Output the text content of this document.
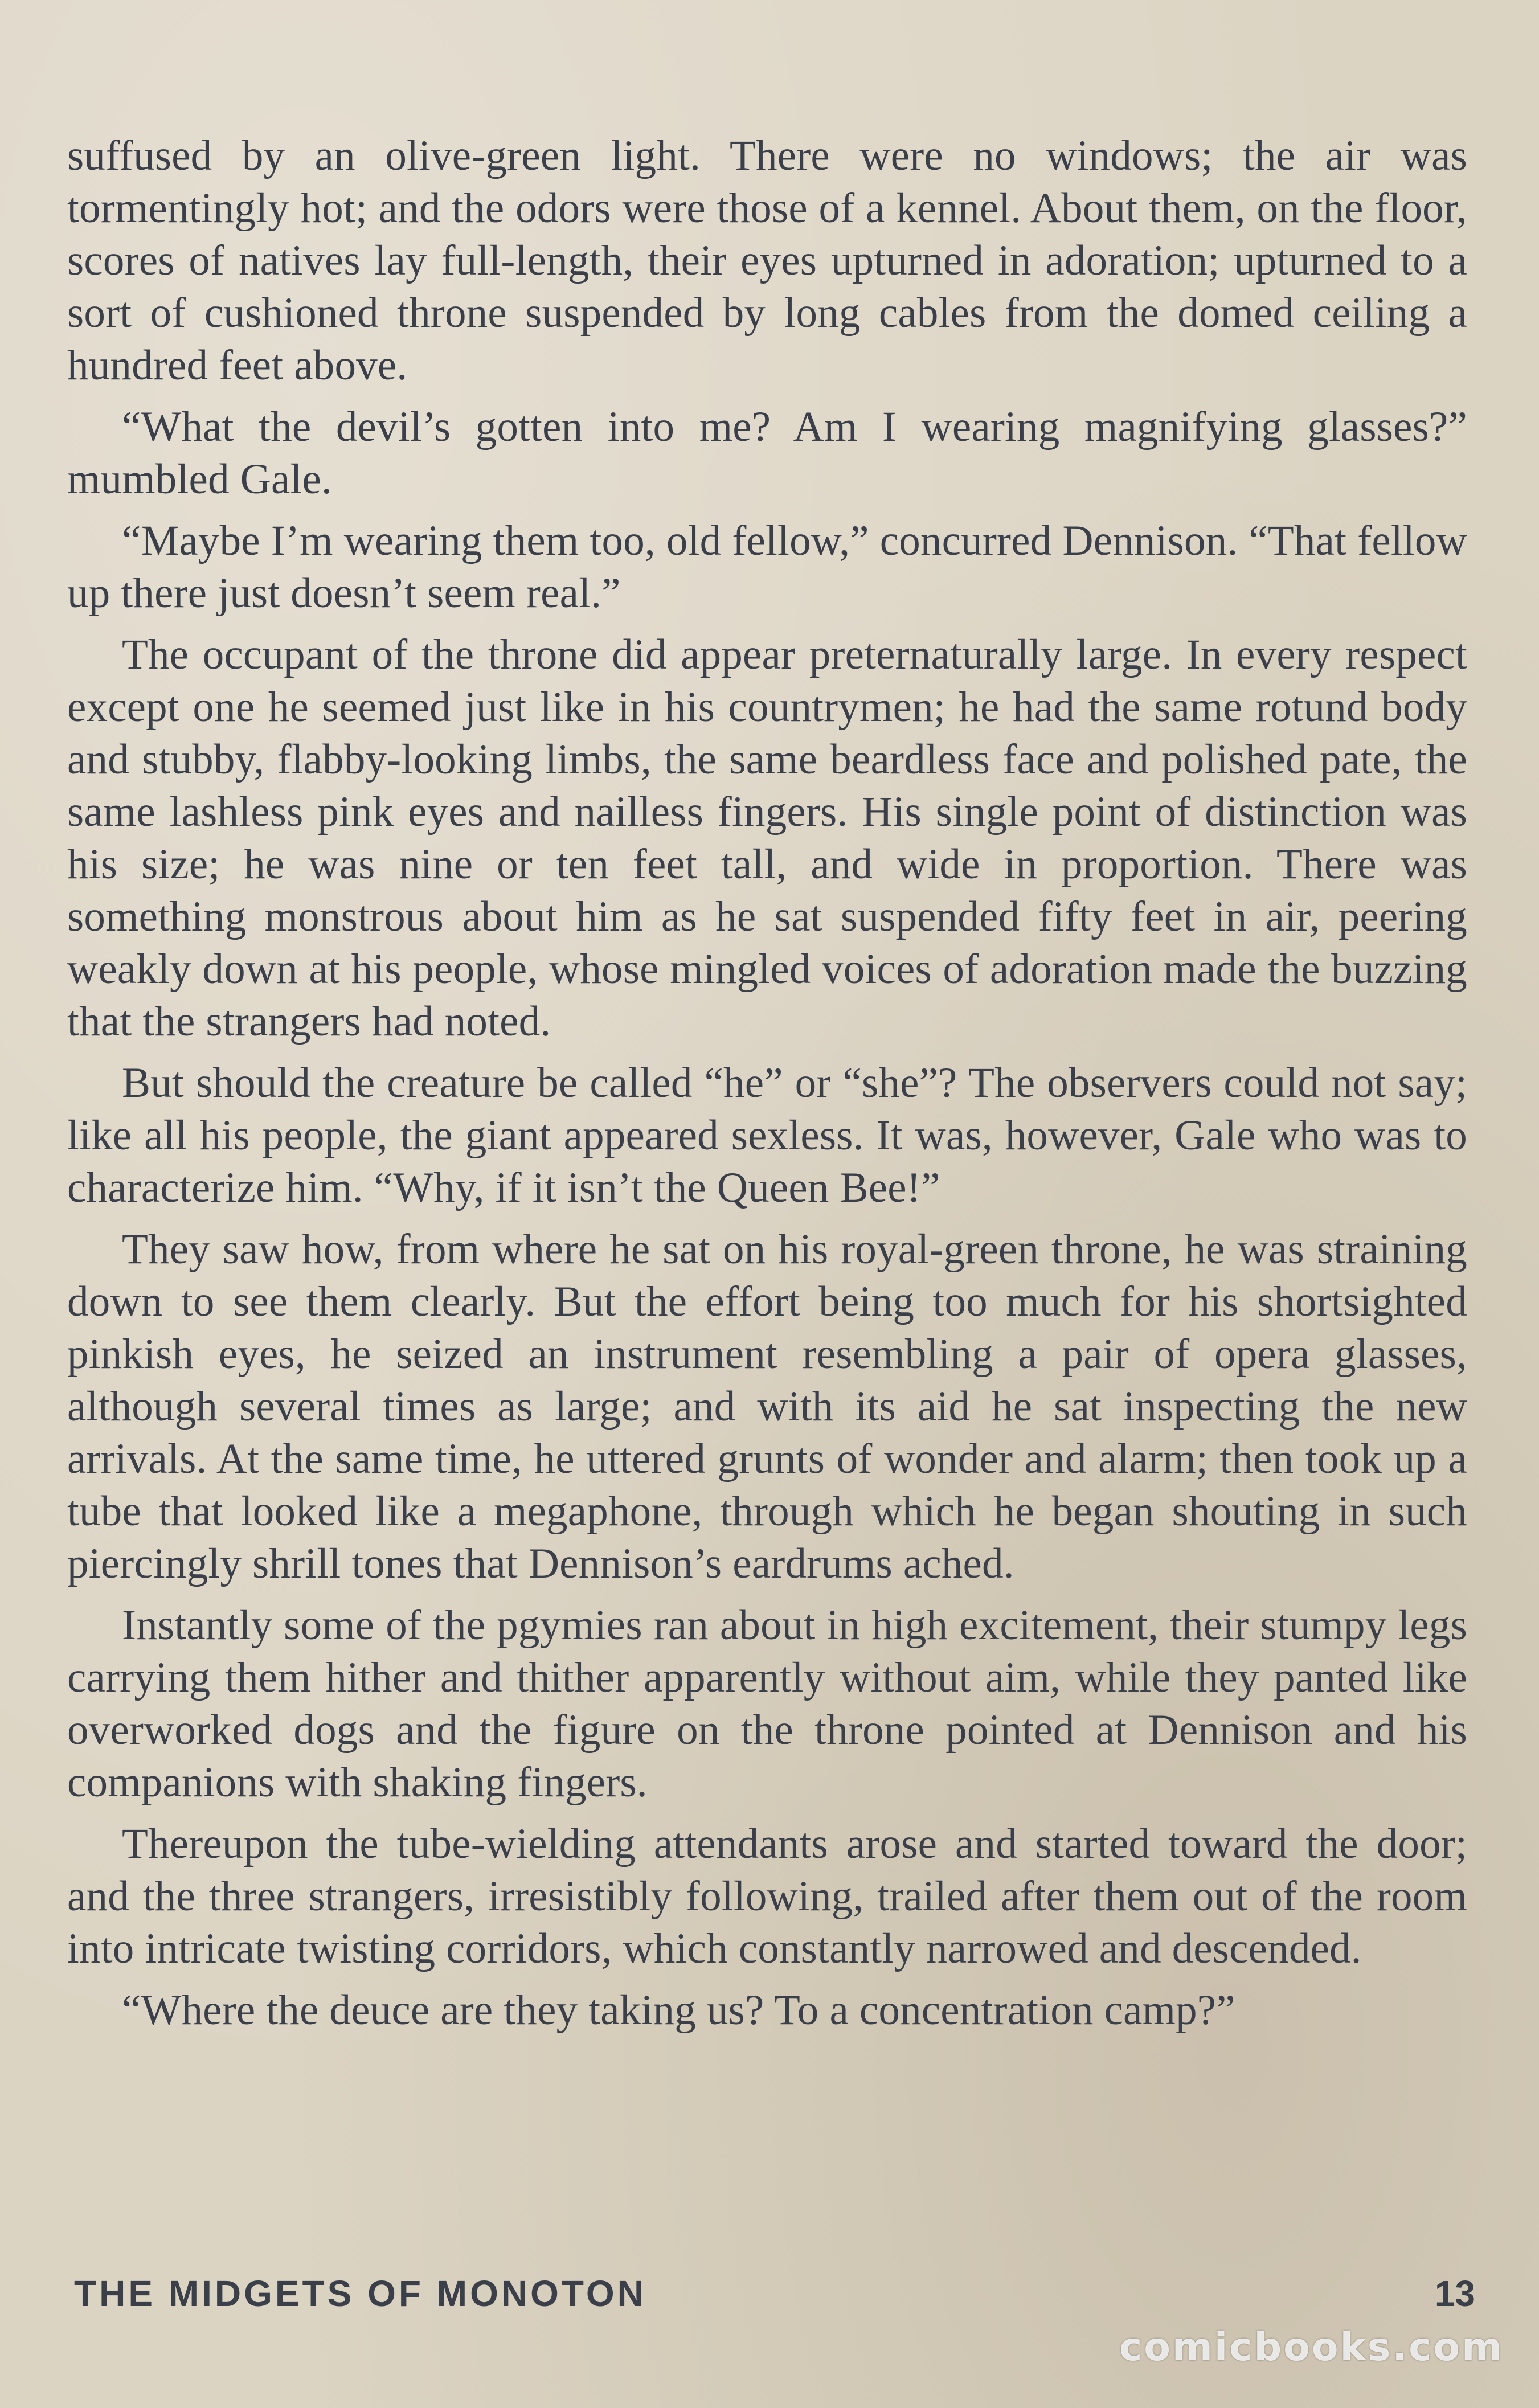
suffused by an olive-green light. There were no windows; the air was tormentingly hot; and the odors were those of a kennel. About them, on the floor, scores of natives lay full-length, their eyes upturned in adoration; upturned to a sort of cushioned throne suspended by long cables from the domed ceiling a hundred feet above.

“What the devil’s gotten into me? Am I wearing magnifying glasses?” mumbled Gale.

“Maybe I’m wearing them too, old fellow,” concurred Dennison. “That fellow up there just doesn’t seem real.”

The occupant of the throne did appear preternaturally large. In every respect except one he seemed just like in his countrymen; he had the same rotund body and stubby, flabby-looking limbs, the same beardless face and polished pate, the same lashless pink eyes and nailless fingers. His single point of distinction was his size; he was nine or ten feet tall, and wide in proportion. There was something monstrous about him as he sat suspended fifty feet in air, peering weakly down at his people, whose mingled voices of adoration made the buzzing that the strangers had noted.

But should the creature be called “he” or “she”? The observers could not say; like all his people, the giant appeared sexless. It was, however, Gale who was to characterize him. “Why, if it isn’t the Queen Bee!”

They saw how, from where he sat on his royal-green throne, he was straining down to see them clearly. But the effort being too much for his shortsighted pinkish eyes, he seized an instrument resembling a pair of opera glasses, although several times as large; and with its aid he sat inspecting the new arrivals. At the same time, he uttered grunts of wonder and alarm; then took up a tube that looked like a megaphone, through which he began shouting in such piercingly shrill tones that Dennison’s eardrums ached.

Instantly some of the pgymies ran about in high excitement, their stumpy legs carrying them hither and thither apparently without aim, while they panted like overworked dogs and the figure on the throne pointed at Dennison and his companions with shaking fingers.

Thereupon the tube-wielding attendants arose and started toward the door; and the three strangers, irresistibly following, trailed after them out of the room into intricate twisting corridors, which constantly narrowed and descended.

“Where the deuce are they taking us? To a concentration camp?”

THE MIDGETS OF MONOTON	13
comicbooks.com
